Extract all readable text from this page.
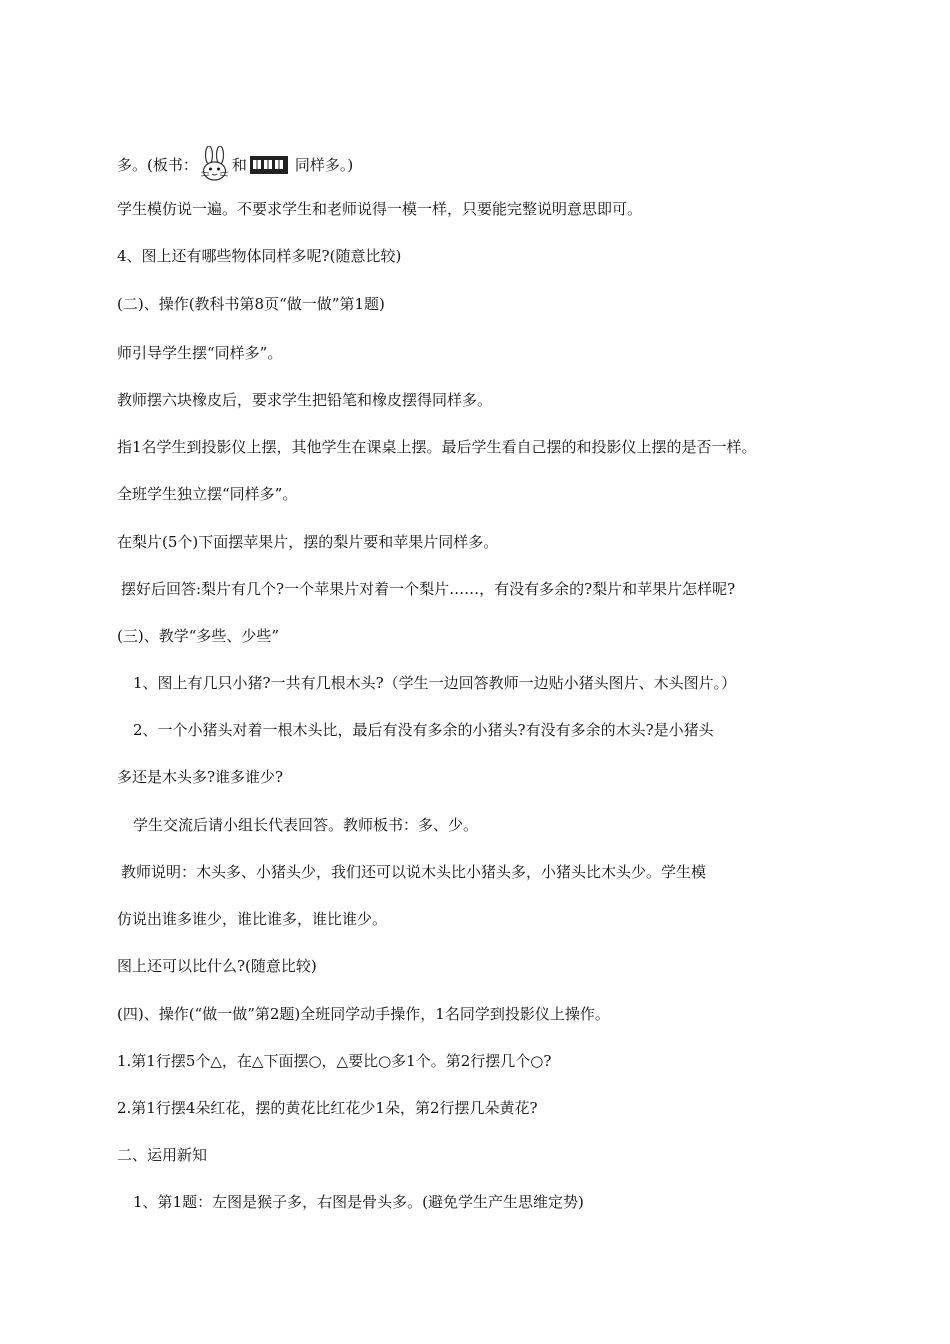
多。(板书： 和	同样多。)
学生模仿说一遍。不要求学生和老师说得一模一样，只要能完整说明意思即可。
4、图上还有哪些物体同样多呢?(随意比较)
(二)、操作(教科书第8页“做一做”第1题)
师引导学生摆“同样多”。
教师摆六块橡皮后，要求学生把铅笔和橡皮摆得同样多。
指1名学生到投影仪上摆，其他学生在课桌上摆。最后学生看自己摆的和投影仪上摆的是否一样。
全班学生独立摆“同样多”。
在梨片(5个)下面摆苹果片，摆的梨片要和苹果片同样多。
摆好后回答:梨片有几个?一个苹果片对着一个梨片……，有没有多余的?梨片和苹果片怎样呢?
(三)、教学“多些、少些”
1、图上有几只小猪?一共有几根木头?（学生一边回答教师一边贴小猪头图片、木头图片。）
2、一个小猪头对着一根木头比，最后有没有多余的小猪头?有没有多余的木头?是小猪头
多还是木头多?谁多谁少?
学生交流后请小组长代表回答。教师板书：多、少。
教师说明：木头多、小猪头少，我们还可以说木头比小猪头多，小猪头比木头少。学生模
仿说出谁多谁少，谁比谁多，谁比谁少。
图上还可以比什么?(随意比较)
(四)、操作(“做一做”第2题)全班同学动手操作，1名同学到投影仪上操作。
1.第1行摆5个△，在△下面摆○，△要比○多1个。第2行摆几个○?
2.第1行摆4朵红花，摆的黄花比红花少1朵，第2行摆几朵黄花?
二、运用新知
1、第1题：左图是猴子多，右图是骨头多。(避免学生产生思维定势)
